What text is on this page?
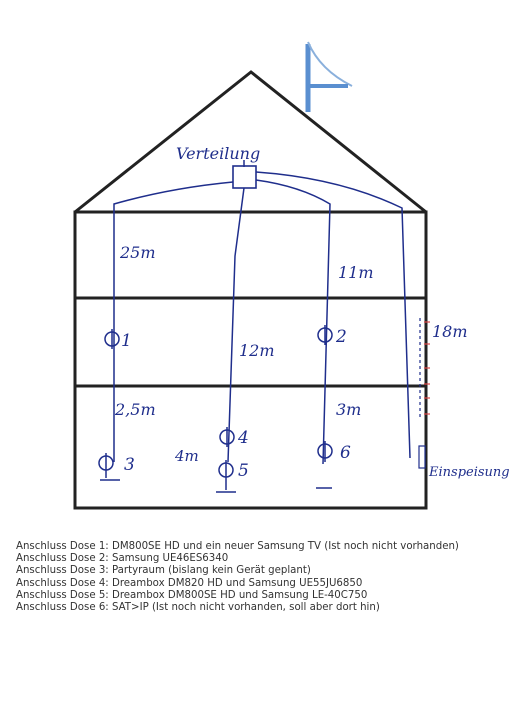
Verteilung
1	2
3
4
5
6
25m
11m
12m
18m
2,5m	3m
4m
Einspeisung
Anschluss Dose 1: DM800SE HD und ein neuer Samsung TV (Ist noch nicht vorhanden)
Anschluss Dose 2: Samsung UE46ES6340
Anschluss Dose 3: Partyraum (bislang kein Gerät geplant)
Anschluss Dose 4: Dreambox DM820 HD und Samsung UE55JU6850
Anschluss Dose 5: Dreambox DM800SE HD und Samsung LE-40C750
Anschluss Dose 6: SAT>IP (Ist noch nicht vorhanden, soll aber dort hin)
